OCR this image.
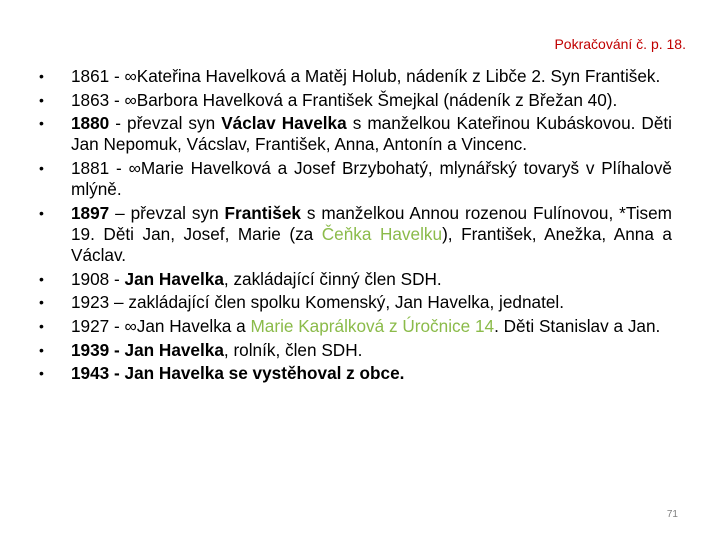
Pokračování č. p. 18.
•	1861 - ∞Kateřina Havelková a Matěj Holub, nádeník z Libče 2. Syn František.
•	1863 - ∞Barbora Havelková a František Šmejkal (nádeník z Břežan 40).
•	1880 - převzal syn Václav Havelka s manželkou Kateřinou Kubáskovou. Děti Jan Nepomuk, Vácslav, František, Anna, Antonín a Vincenc.
•	1881 - ∞Marie Havelková a Josef Brzybohatý, mlynářský tovaryš v Plíhalově mlýně.
•	1897 – převzal syn František s manželkou Annou rozenou Fulínovou, *Tisem 19. Děti Jan, Josef, Marie (za Čeňka Havelku), František, Anežka, Anna a Václav.
•	1908 - Jan Havelka, zakládající činný člen SDH.
•	1923 – zakládající člen spolku Komenský, Jan Havelka, jednatel.
•	1927 - ∞Jan Havelka a Marie Kaprálková z Úročnice 14. Děti Stanislav a Jan.
•	1939 - Jan Havelka, rolník, člen SDH.
•	1943 - Jan Havelka se vystěhoval z obce.
71
